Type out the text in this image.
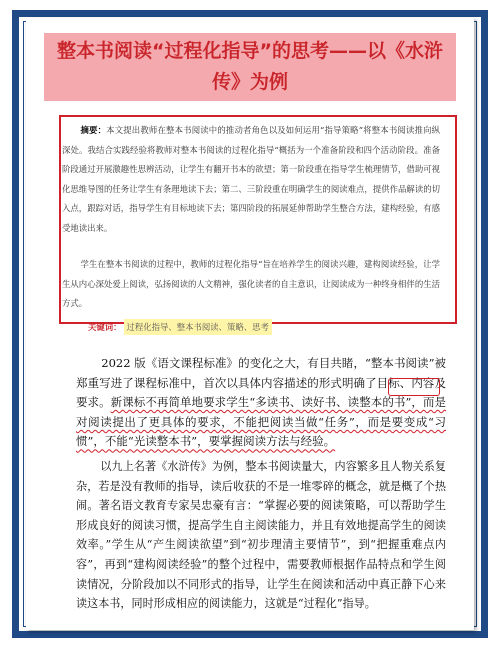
整本书阅读“过程化指导”的思考——以《水浒传》为例
摘要：本文提出教师在整本书阅读中的推动者角色以及如何运用“指导策略”将整本书阅读推向纵深处。我结合实践经验将教师对整本书阅读的过程化指导“概括为一个准备阶段和四个活动阶段。准备阶段通过开展激趣性思辨活动，让学生有翻开书本的欲望；第一阶段重在指导学生梳理情节，借助可视化思维导图的任务让学生有条理地读下去；第二、三阶段重在明确学生的阅读难点，提供作品解读的切入点，跟踪对话，指导学生有目标地读下去；第四阶段的拓展延伸帮助学生整合方法，建构经验，有感受地读出来。
学生在整本书阅读的过程中，教师的过程化指导“旨在培养学生的阅读兴趣，建构阅读经验，让学生从内心深处爱上阅读，弘扬阅读的人文精神，强化读者的自主意识，让阅读成为一种终身相伴的生活方式。
关键词： 过程化指导、整本书阅读、策略、思考
2022 版《语文课程标准》的变化之大，有目共睹，“整本书阅读”被郑重写进了课程标准中，首次以具体内容描述的形式明确了目标、内容及要求。新课标不再简单地要求学生“多读书、读好书、读整本的书”，而是对阅读提出了更具体的要求，不能把阅读当做“任务”，而是要变成“习惯”，不能“光读整本书”，要掌握阅读方法与经验。
以九上名著《水浒传》为例，整本书阅读量大，内容繁多且人物关系复杂，若是没有教师的指导，读后收获的不是一堆零碎的概念，就是概了个热闹。著名语文教育专家吴忠豪有言：“掌握必要的阅读策略，可以帮助学生形成良好的阅读习惯，提高学生自主阅读能力，并且有效地提高学生的阅读效率。”学生从“产生阅读欲望”到“初步理清主要情节”，到“把握重难点内容”，再到“建构阅读经验”的整个过程中，需要教师根据作品特点和学生阅读情况，分阶段加以不同形式的指导，让学生在阅读和活动中真正静下心来读这本书，同时形成相应的阅读能力，这就是“过程化”指导。
